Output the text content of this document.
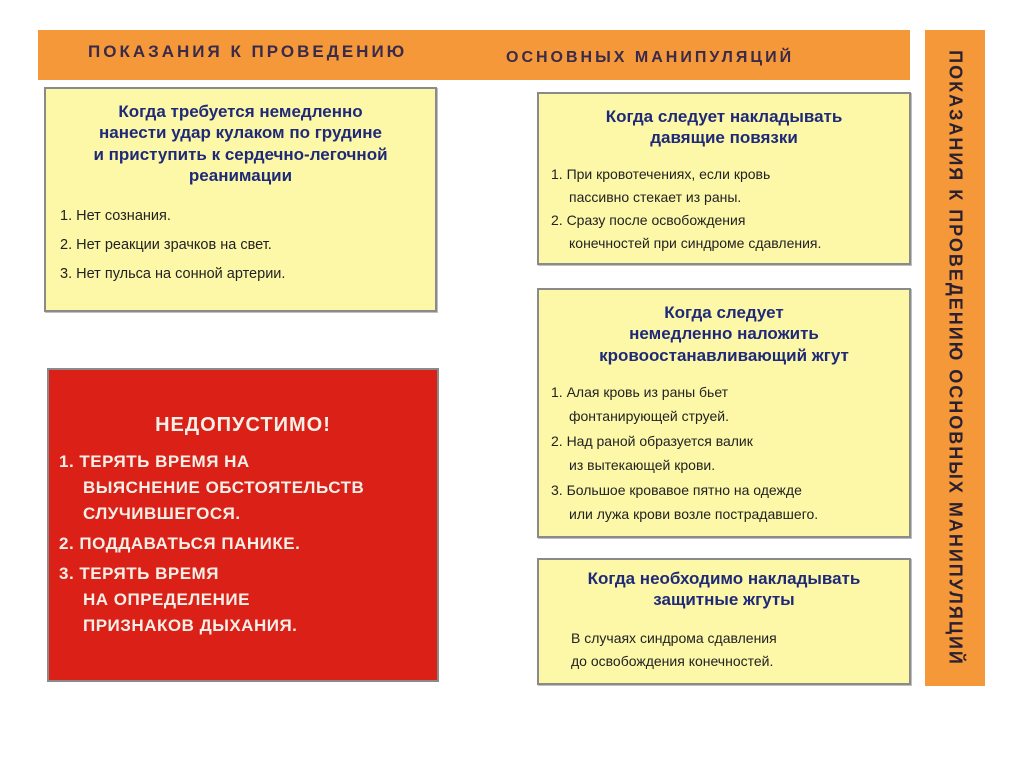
ПОКАЗАНИЯ К ПРОВЕДЕНИЮ	ОСНОВНЫХ МАНИПУЛЯЦИЙ	ПОКАЗАНИЯ К ПРОВЕДЕНИЮ ОСНОВНЫХ МАНИПУЛЯЦИЙ
Когда требуется немедленно
нанести удар кулаком по грудине
и приступить к сердечно-легочной
реанимации
1. Нет сознания.
2. Нет реакции зрачков на свет.
3. Нет пульса на сонной артерии.
НЕДОПУСТИМО!
1. ТЕРЯТЬ ВРЕМЯ НА
ВЫЯСНЕНИЕ ОБСТОЯТЕЛЬСТВ
СЛУЧИВШЕГОСЯ.
2. ПОДДАВАТЬСЯ ПАНИКЕ.
3. ТЕРЯТЬ ВРЕМЯ
НА ОПРЕДЕЛЕНИЕ
ПРИЗНАКОВ ДЫХАНИЯ.
Когда следует накладывать
давящие повязки
1. При кровотечениях, если кровь
пассивно стекает из раны.
2. Сразу после освобождения
конечностей при синдроме сдавления.
Когда следует
немедленно наложить
кровоостанавливающий жгут
1. Алая кровь из раны бьет
фонтанирующей струей.
2. Над раной образуется валик
из вытекающей крови.
3. Большое кровавое пятно на одежде
или лужа крови возле пострадавшего.
Когда необходимо накладывать
защитные жгуты

В случаях синдрома сдавления
до освобождения конечностей.
